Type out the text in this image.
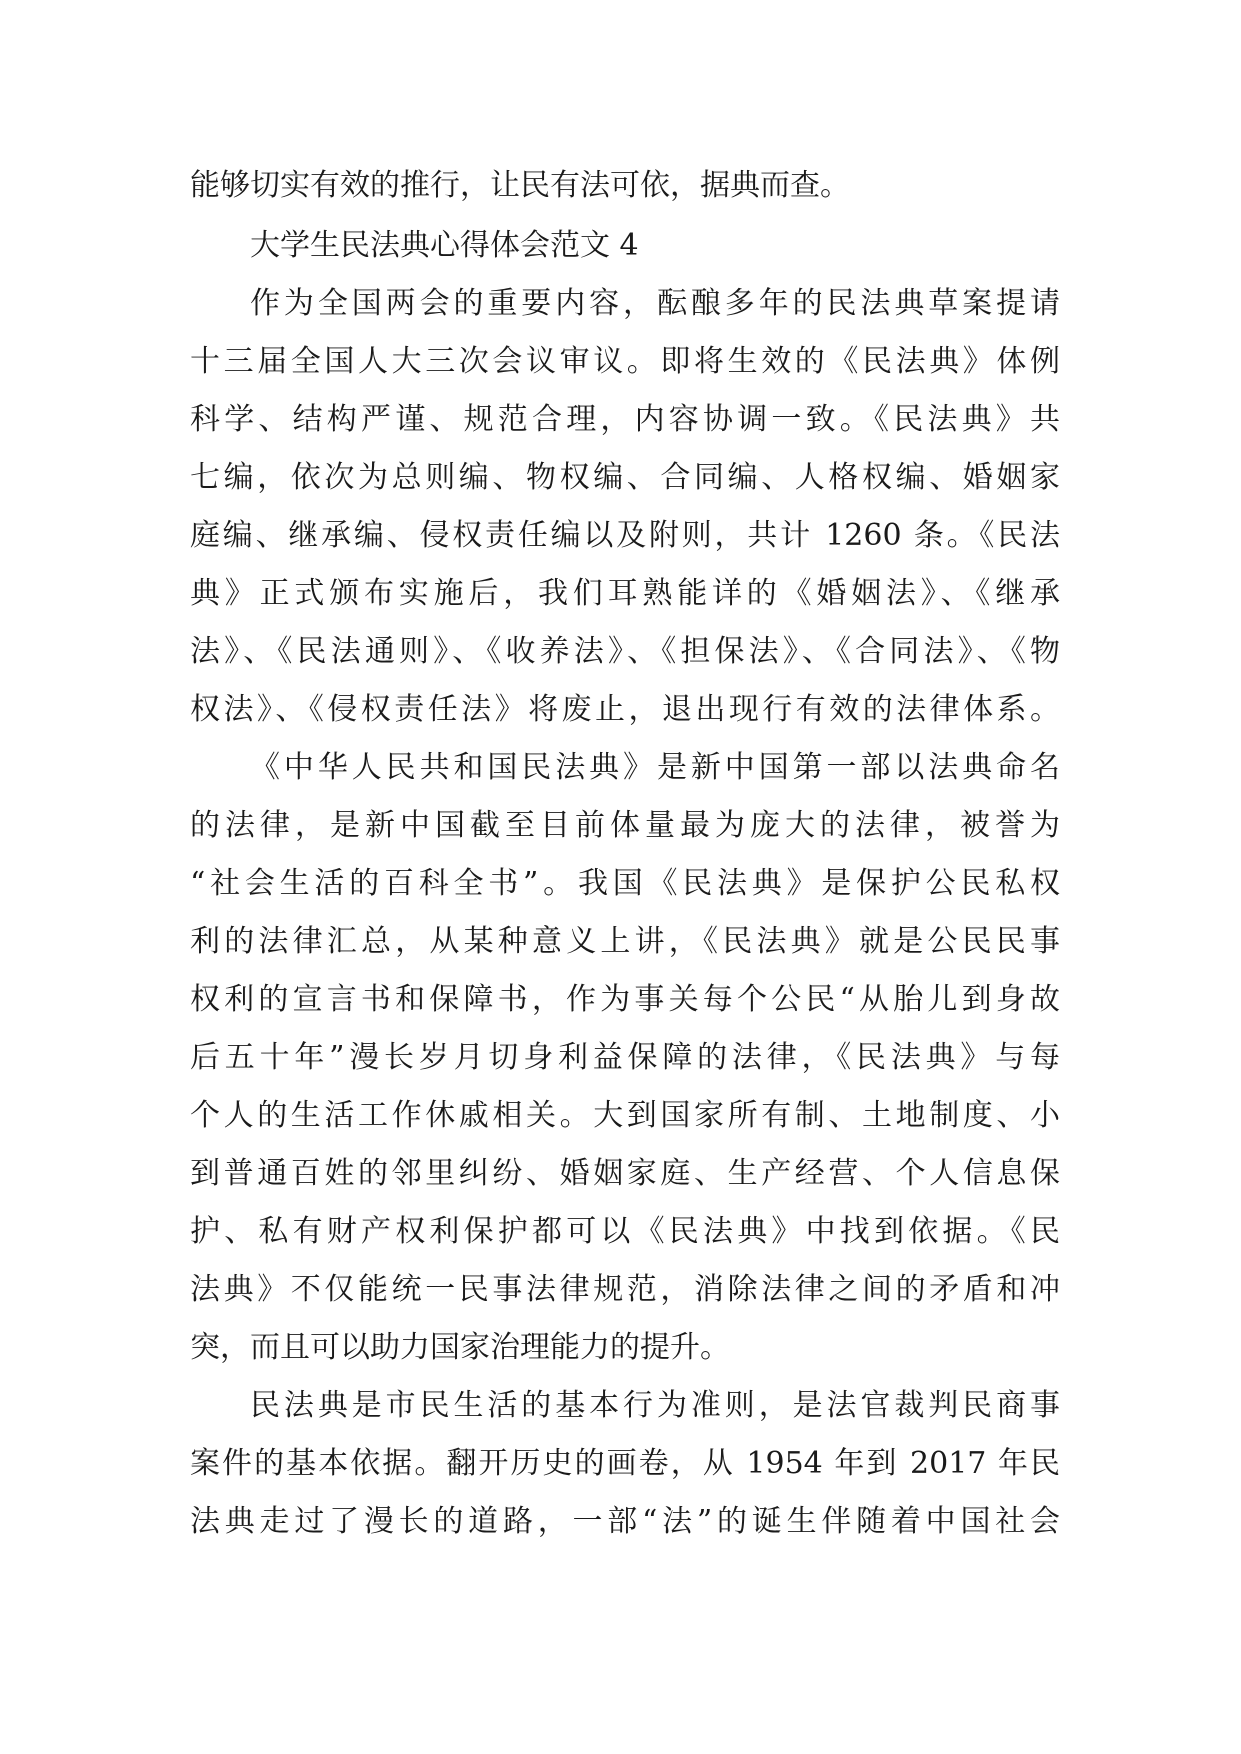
能够切实有效的推行，让民有法可依，据典而查。
大学生民法典心得体会范文 4
作为全国两会的重要内容，酝酿多年的民法典草案提请
十三届全国人大三次会议审议。即将生效的《民法典》体例
科学、结构严谨、规范合理，内容协调一致。《民法典》共
七编，依次为总则编、物权编、合同编、人格权编、婚姻家
庭编、继承编、侵权责任编以及附则，共计 1260 条。《民法
典》正式颁布实施后，我们耳熟能详的《婚姻法》、《继承
法》、《民法通则》、《收养法》、《担保法》、《合同法》、《物
权法》、《侵权责任法》将废止，退出现行有效的法律体系。
《中华人民共和国民法典》是新中国第一部以法典命名
的法律，是新中国截至目前体量最为庞大的法律，被誉为
“社会生活的百科全书”。我国《民法典》是保护公民私权
利的法律汇总，从某种意义上讲，《民法典》就是公民民事
权利的宣言书和保障书，作为事关每个公民“从胎儿到身故
后五十年”漫长岁月切身利益保障的法律，《民法典》与每
个人的生活工作休戚相关。大到国家所有制、土地制度、小
到普通百姓的邻里纠纷、婚姻家庭、生产经营、个人信息保
护、私有财产权利保护都可以《民法典》中找到依据。《民
法典》不仅能统一民事法律规范，消除法律之间的矛盾和冲
突，而且可以助力国家治理能力的提升。
民法典是市民生活的基本行为准则，是法官裁判民商事
案件的基本依据。翻开历史的画卷，从 1954 年到 2017 年民
法典走过了漫长的道路，一部“法”的诞生伴随着中国社会
